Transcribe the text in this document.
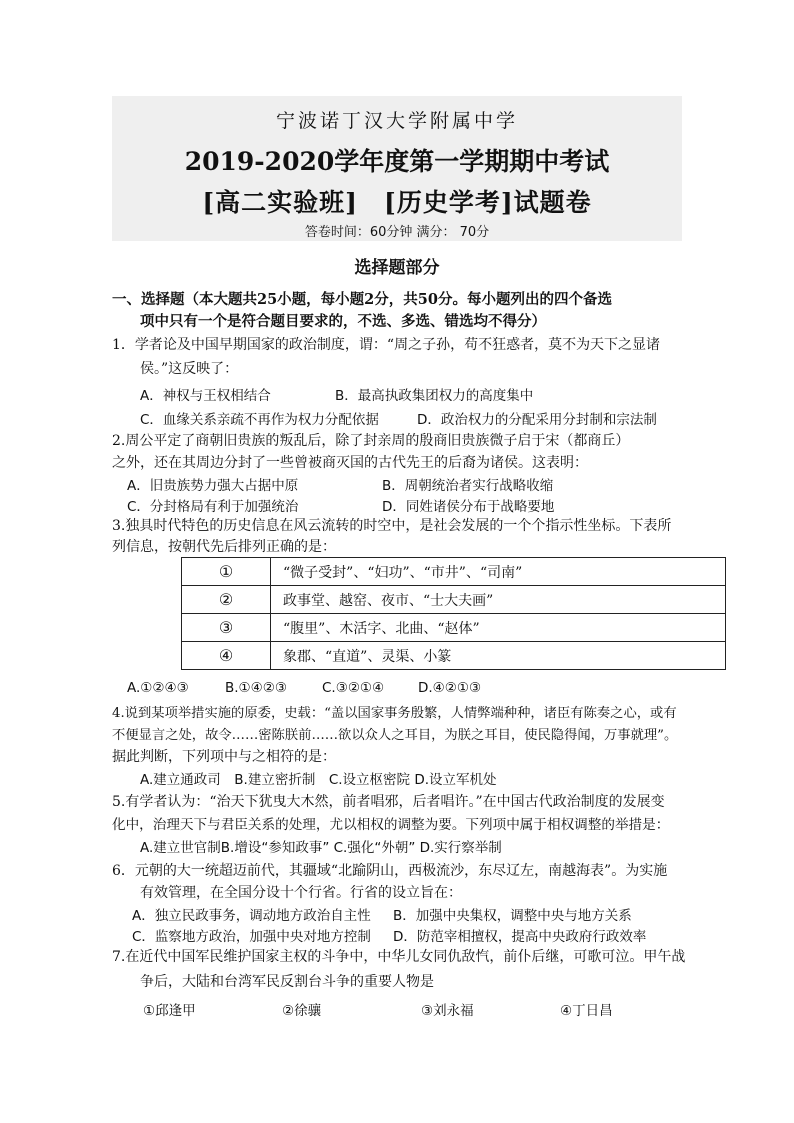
宁波诺丁汉大学附属中学
2019-2020学年度第一学期期中考试
[高二实验班]　[历史学考]试题卷
答卷时间：60分钟 满分： 70分
选择题部分
一、选择题（本大题共25小题，每小题2分，共50分。每小题列出的四个备选
项中只有一个是符合题目要求的，不选、多选、错选均不得分）
1．学者论及中国早期国家的政治制度，谓：“周之子孙，苟不狂惑者，莫不为天下之显诸
侯。”这反映了：
A．神权与王权相结合	B．最高执政集团权力的高度集中
C．血缘关系亲疏不再作为权力分配依据	D．政治权力的分配采用分封制和宗法制
2.周公平定了商朝旧贵族的叛乱后，除了封亲周的殷商旧贵族微子启于宋（都商丘）
之外，还在其周边分封了一些曾被商灭国的古代先王的后裔为诸侯。这表明：
A．旧贵族势力强大占据中原	B．周朝统治者实行战略收缩
C．分封格局有利于加强统治	D．同姓诸侯分布于战略要地
3.独具时代特色的历史信息在风云流转的时空中，是社会发展的一个个指示性坐标。下表所
列信息，按朝代先后排列正确的是：
①	“微子受封”、“妇功”、“市井”、“司南”
②	政事堂、越窑、夜市、“士大夫画”
③	“腹里”、木活字、北曲、“赵体”
④	象郡、“直道”、灵渠、小篆
A.①②④③	B.①④②③	C.③②①④	D.④②①③
4.说到某项举措实施的原委，史载：“盖以国家事务殷繁，人情弊端种种，诸臣有陈奏之心，或有
不便显言之处，故令……密陈朕前……欲以众人之耳目，为朕之耳目，使民隐得闻，万事就理”。
据此判断，下列项中与之相符的是：
A.建立通政司　B.建立密折制　C.设立枢密院 D.设立军机处
5.有学者认为：“治天下犹曳大木然，前者唱邪，后者唱许。”在中国古代政治制度的发展变
化中，治理天下与君臣关系的处理，尤以相权的调整为要。下列项中属于相权调整的举措是：
A.建立世官制B.增设“参知政事” C.强化“外朝” D.实行察举制
6．元朝的大一统超迈前代，其疆域“北踰阴山，西极流沙，东尽辽左，南越海表”。为实施
有效管理，在全国分设十个行省。行省的设立旨在：
A．独立民政事务，调动地方政治自主性 B．加强中央集权，调整中央与地方关系
C．监察地方政治，加强中央对地方控制 D．防范宰相擅权，提高中央政府行政效率
7.在近代中国军民维护国家主权的斗争中，中华儿女同仇敌忾，前仆后继，可歌可泣。甲午战
争后，大陆和台湾军民反割台斗争的重要人物是
①邱逢甲	②徐骧	③刘永福	④丁日昌
